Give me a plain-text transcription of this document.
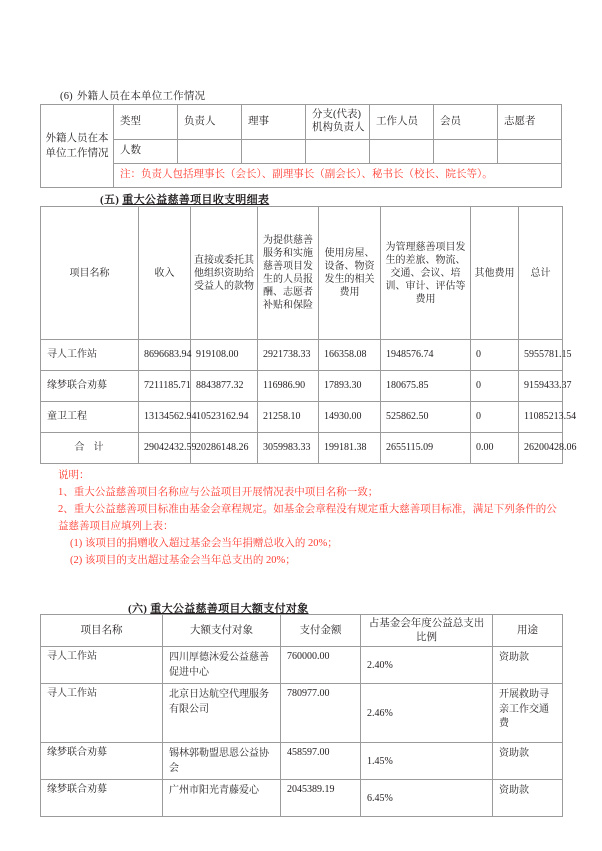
(6) 外籍人员在本单位工作情况
外籍人员在本单位工作情况	类型	负责人	理事	分支(代表)机构负责人	工作人员	会员	志愿者
	人数						
	注：负责人包括理事长（会长）、副理事长（副会长）、秘书长（校长、院长等）。						
(五) 重大公益慈善项目收支明细表
项目名称	收入	直接或委托其他组织资助给受益人的款物	为提供慈善服务和实施慈善项目发生的人员报酬、志愿者补贴和保险	使用房屋、设备、物资发生的相关费用	为管理慈善项目发生的差旅、物流、交通、会议、培训、审计、评估等费用	其他费用	总计
寻人工作站	8696683.94	919108.00	2921738.33	166358.08	1948576.74	0	5955781.15
缘梦联合劝募	7211185.71	8843877.32	116986.90	17893.30	180675.85	0	9159433.37
童卫工程	13134562.94	10523162.94	21258.10	14930.00	525862.50	0	11085213.54
合计	29042432.59	20286148.26	3059983.33	199181.38	2655115.09	0.00	26200428.06
说明：
1、重大公益慈善项目名称应与公益项目开展情况表中项目名称一致；
2、重大公益慈善项目标准由基金会章程规定。如基金会章程没有规定重大慈善项目标准，满足下列条件的公益慈善项目应填列上表：
(1) 该项目的捐赠收入超过基金会当年捐赠总收入的 20%；
(2) 该项目的支出超过基金会当年总支出的 20%；
(六) 重大公益慈善项目大额支付对象
项目名称	大额支付对象	支付金额	占基金会年度公益总支出比例	用途
寻人工作站	四川厚德沐爱公益慈善促进中心	760000.00	2.40%	资助款
寻人工作站	北京日达航空代理服务有限公司	780977.00	2.46%	开展救助寻亲工作交通费
缘梦联合劝募	锡林郭勒盟思恩公益协会	458597.00	1.45%	资助款
缘梦联合劝募	广州市阳光青藤爱心	2045389.19	6.45%	资助款
